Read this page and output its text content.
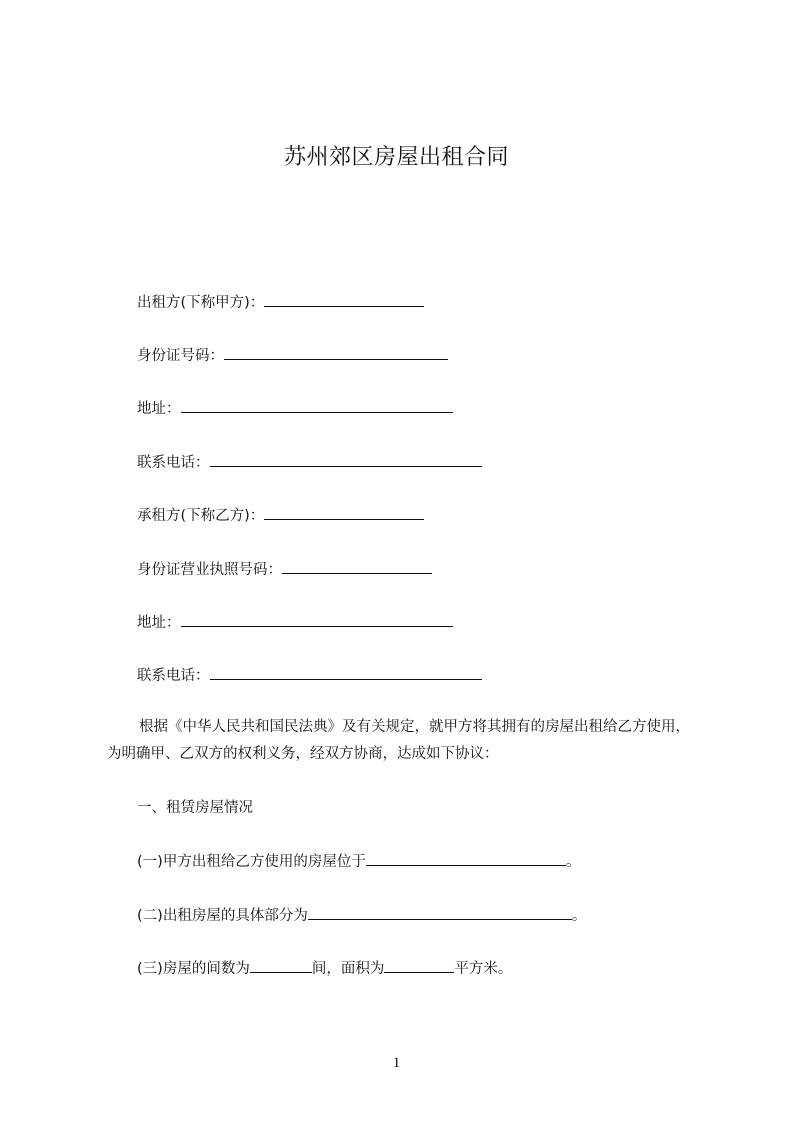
苏州郊区房屋出租合同
出租方(下称甲方)：
身份证号码：
地址：
联系电话：
承租方(下称乙方)：
身份证营业执照号码：
地址：
联系电话：
根据《中华人民共和国民法典》及有关规定，就甲方将其拥有的房屋出租给乙方使用，为明确甲、乙双方的权利义务，经双方协商，达成如下协议：
一、租赁房屋情况
(一)甲方出租给乙方使用的房屋位于	。
(二)出租房屋的具体部分为	。
(三)房屋的间数为	间，面积为	平方米。
1
